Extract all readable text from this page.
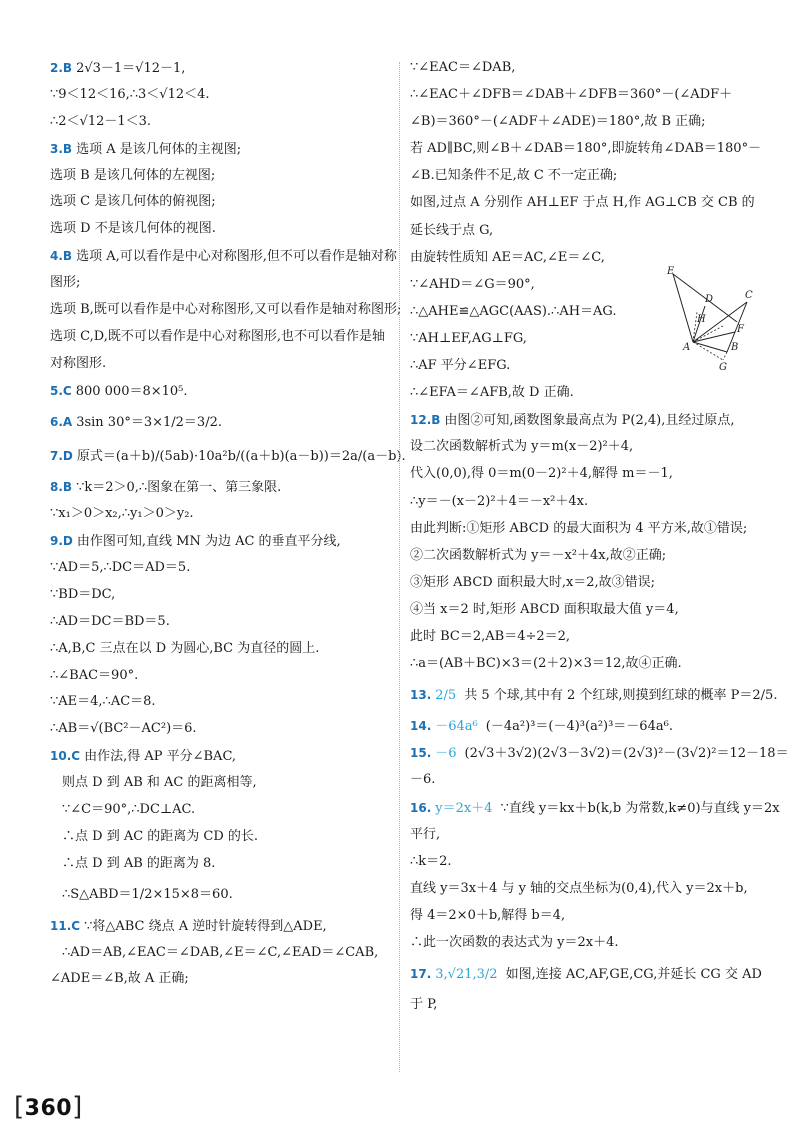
2.B 2√3－1＝√12－1,
∵9＜12＜16,∴3＜√12＜4.
∴2＜√12－1＜3.
3.B 选项 A 是该几何体的主视图;
选项 B 是该几何体的左视图;
选项 C 是该几何体的俯视图;
选项 D 不是该几何体的视图.
4.B 选项 A,可以看作是中心对称图形,但不可以看作是轴对称
图形;
选项 B,既可以看作是中心对称图形,又可以看作是轴对称图形;
选项 C,D,既不可以看作是中心对称图形,也不可以看作是轴
对称图形.
5.C 800 000＝8×10⁵.
6.A 3sin 30°＝3×1/2＝3/2.
7.D 原式＝(a＋b)/(5ab)·10a²b/((a＋b)(a－b))＝2a/(a－b).
8.B ∵k＝2＞0,∴图象在第一、第三象限.
∵x₁＞0＞x₂,∴y₁＞0＞y₂.
9.D 由作图可知,直线 MN 为边 AC 的垂直平分线,
∵AD＝5,∴DC＝AD＝5.
∵BD＝DC,
∴AD＝DC＝BD＝5.
∴A,B,C 三点在以 D 为圆心,BC 为直径的圆上.
∴∠BAC＝90°.
∵AE＝4,∴AC＝8.
∴AB＝√(BC²－AC²)＝6.
10.C 由作法,得 AP 平分∠BAC,
则点 D 到 AB 和 AC 的距离相等,
∵∠C＝90°,∴DC⊥AC.
∴点 D 到 AC 的距离为 CD 的长.
∴点 D 到 AB 的距离为 8.
∴S△ABD＝1/2×15×8＝60.
11.C ∵将△ABC 绕点 A 逆时针旋转得到△ADE,
∴AD＝AB,∠EAC＝∠DAB,∠E＝∠C,∠EAD＝∠CAB,
∠ADE＝∠B,故 A 正确;
∵∠EAC＝∠DAB,
∴∠EAC＋∠DFB＝∠DAB＋∠DFB＝360°－(∠ADF＋
∠B)＝360°－(∠ADF＋∠ADE)＝180°,故 B 正确;
若 AD∥BC,则∠B＋∠DAB＝180°,即旋转角∠DAB＝180°－
∠B.已知条件不足,故 C 不一定正确;
如图,过点 A 分别作 AH⊥EF 于点 H,作 AG⊥CB 交 CB 的
延长线于点 G,
由旋转性质知 AE＝AC,∠E＝∠C,
∵∠AHD＝∠G＝90°,
∴△AHE≌△AGC(AAS).∴AH＝AG.
∵AH⊥EF,AG⊥FG,
∴AF 平分∠EFG.
∴∠EFA＝∠AFB,故 D 正确.
12.B 由图②可知,函数图象最高点为 P(2,4),且经过原点,
设二次函数解析式为 y＝m(x－2)²＋4,
代入(0,0),得 0＝m(0－2)²＋4,解得 m＝－1,
∴y＝－(x－2)²＋4＝－x²＋4x.
由此判断:①矩形 ABCD 的最大面积为 4 平方米,故①错误;
②二次函数解析式为 y＝－x²＋4x,故②正确;
③矩形 ABCD 面积最大时,x＝2,故③错误;
④当 x＝2 时,矩形 ABCD 面积取最大值 y＝4,
此时 BC＝2,AB＝4÷2＝2,
∴a＝(AB＋BC)×3＝(2＋2)×3＝12,故④正确.
13. 2/5 共 5 个球,其中有 2 个红球,则摸到红球的概率 P＝2/5.
14. －64a⁶ (－4a²)³＝(－4)³(a²)³＝－64a⁶.
15. －6 (2√3＋3√2)(2√3－3√2)＝(2√3)²－(3√2)²＝12－18＝
－6.
16. y＝2x＋4 ∵直线 y＝kx＋b(k,b 为常数,k≠0)与直线 y＝2x
平行,
∴k＝2.
直线 y＝3x＋4 与 y 轴的交点坐标为(0,4),代入 y＝2x＋b,
得 4＝2×0＋b,解得 b＝4,
∴此一次函数的表达式为 y＝2x＋4.
17. 3,√21,3/2 如图,连接 AC,AF,GE,CG,并延长 CG 交 AD
于 P,
E
D	C
H
F
A	B
G
[360]
